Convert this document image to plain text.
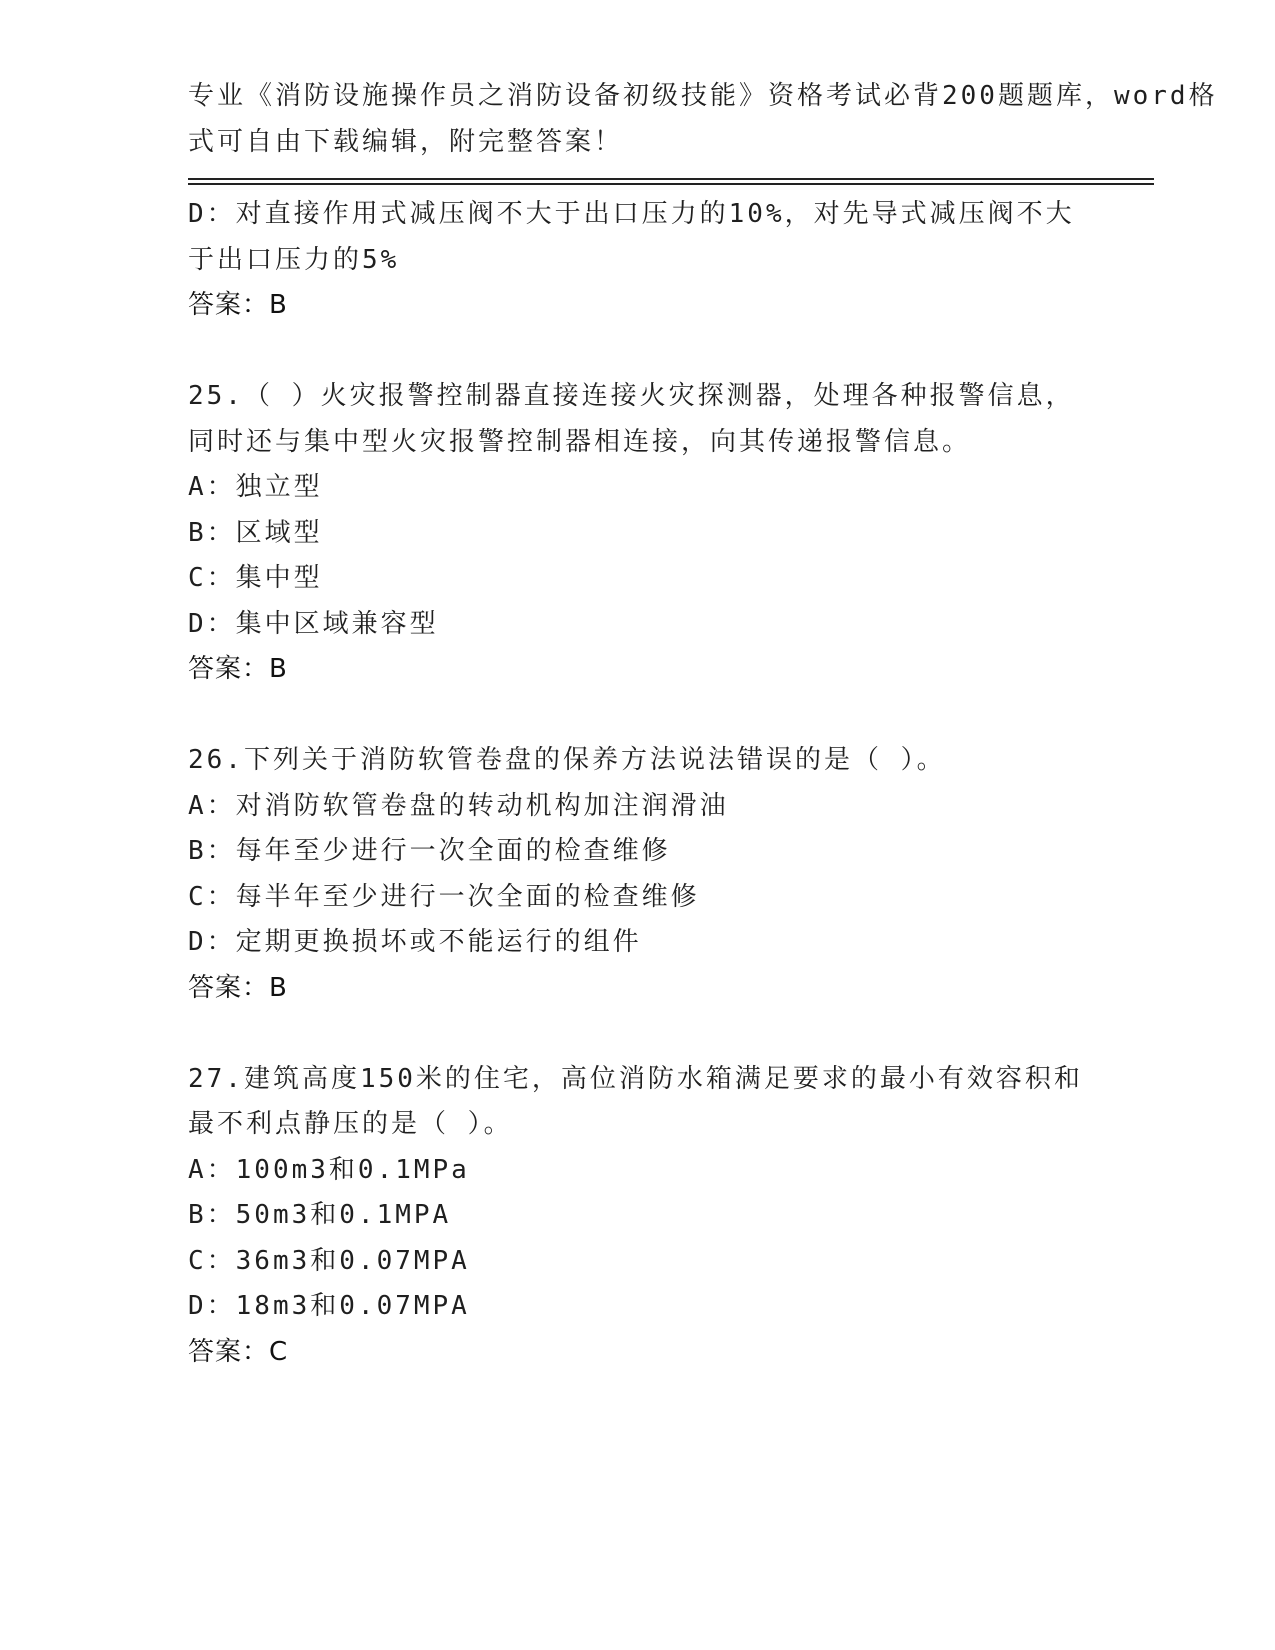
专业《消防设施操作员之消防设备初级技能》资格考试必背200题题库，word格
式可自由下载编辑，附完整答案！
D：对直接作用式减压阀不大于出口压力的10%，对先导式减压阀不大
于出口压力的5%
答案：B
25.（ ）火灾报警控制器直接连接火灾探测器，处理各种报警信息，
同时还与集中型火灾报警控制器相连接，向其传递报警信息。
A：独立型
B：区域型
C：集中型
D：集中区域兼容型
答案：B
26.下列关于消防软管卷盘的保养方法说法错误的是（ ）。
A：对消防软管卷盘的转动机构加注润滑油
B：每年至少进行一次全面的检查维修
C：每半年至少进行一次全面的检查维修
D：定期更换损坏或不能运行的组件
答案：B
27.建筑高度150米的住宅，高位消防水箱满足要求的最小有效容积和
最不利点静压的是（ ）。
A：100m3和0.1MPa
B：50m3和0.1MPA
C：36m3和0.07MPA
D：18m3和0.07MPA
答案：C
